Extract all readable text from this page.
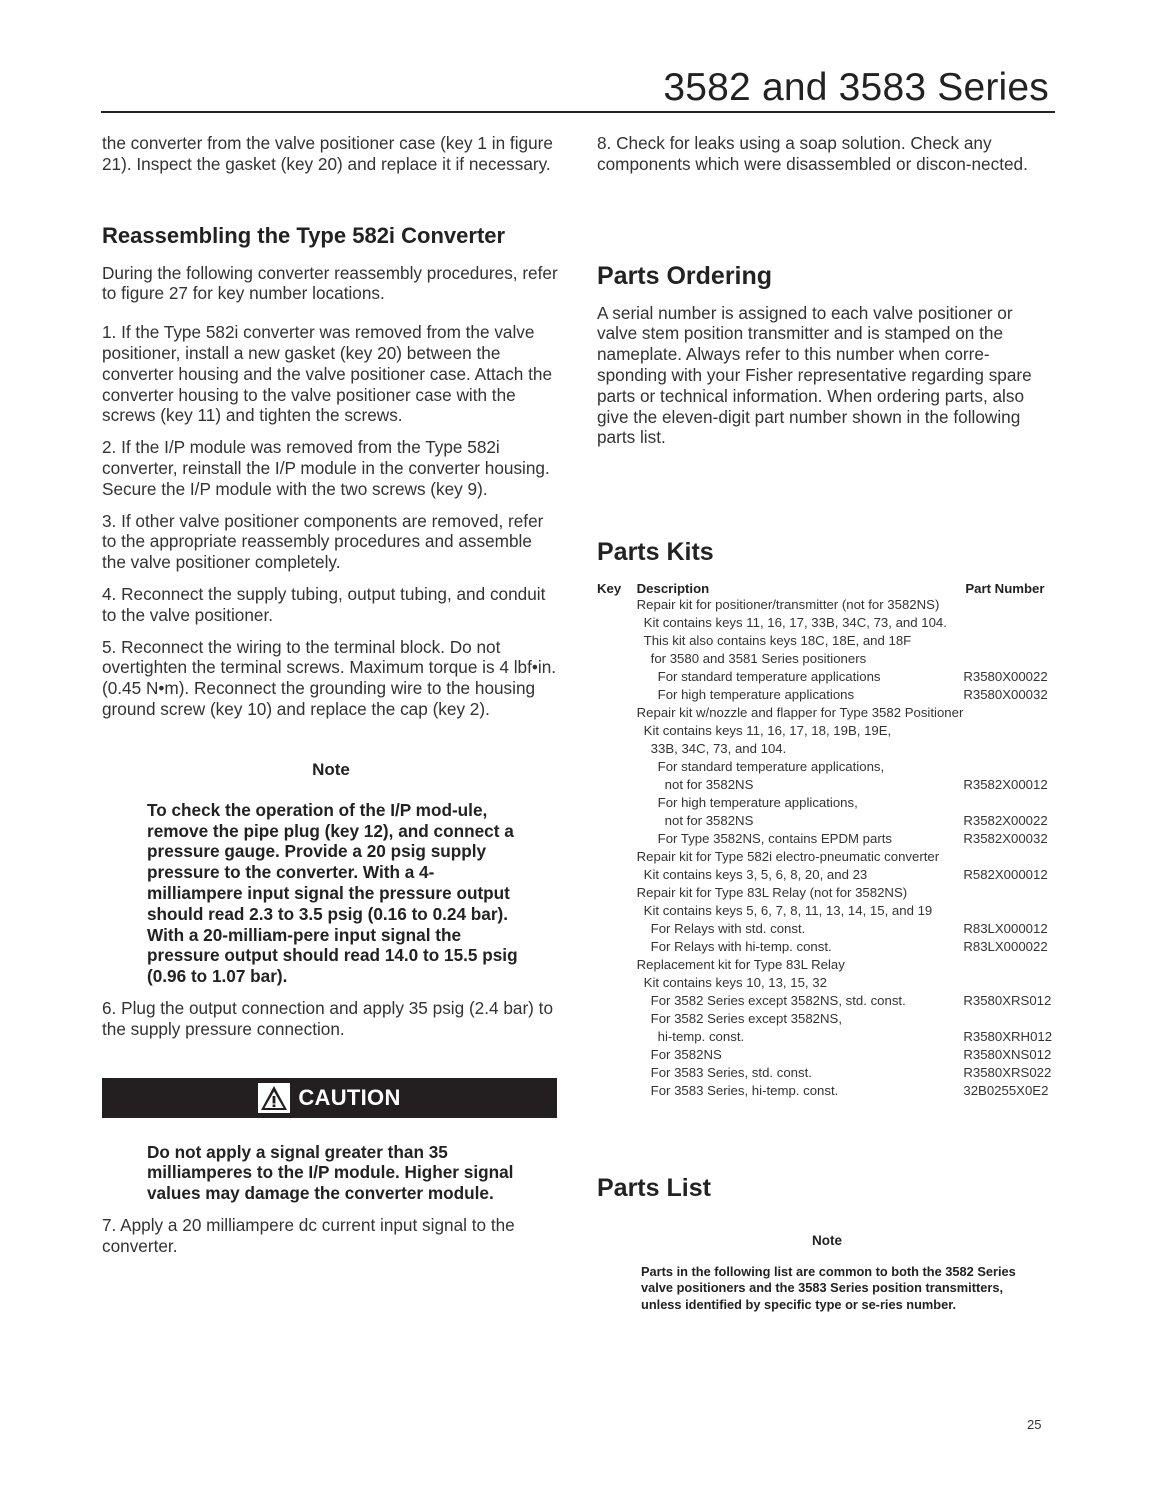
3582 and 3583 Series

the converter from the valve positioner case (key 1 in figure 21). Inspect the gasket (key 20) and replace it if necessary.

Reassembling the Type 582i Converter

During the following converter reassembly procedures, refer to figure 27 for key number locations.

1. If the Type 582i converter was removed from the valve positioner, install a new gasket (key 20) between the converter housing and the valve positioner case. Attach the converter housing to the valve positioner case with the screws (key 11) and tighten the screws.

2. If the I/P module was removed from the Type 582i converter, reinstall the I/P module in the converter housing. Secure the I/P module with the two screws (key 9).

3. If other valve positioner components are removed, refer to the appropriate reassembly procedures and assemble the valve positioner completely.

4. Reconnect the supply tubing, output tubing, and conduit to the valve positioner.

5. Reconnect the wiring to the terminal block. Do not overtighten the terminal screws. Maximum torque is 4 lbf•in. (0.45 N•m). Reconnect the grounding wire to the housing ground screw (key 10) and replace the cap (key 2).

Note
To check the operation of the I/P mod-ule, remove the pipe plug (key 12), and connect a pressure gauge. Provide a 20 psig supply pressure to the converter. With a 4-milliampere input signal the pressure output should read 2.3 to 3.5 psig (0.16 to 0.24 bar). With a 20-milliam-pere input signal the pressure output should read 14.0 to 15.5 psig (0.96 to 1.07 bar).

6. Plug the output connection and apply 35 psig (2.4 bar) to the supply pressure connection.

CAUTION
Do not apply a signal greater than 35 milliamperes to the I/P module. Higher signal values may damage the converter module.

7. Apply a 20 milliampere dc current input signal to the converter.

8. Check for leaks using a soap solution. Check any components which were disassembled or discon-nected.

Parts Ordering

A serial number is assigned to each valve positioner or valve stem position transmitter and is stamped on the nameplate. Always refer to this number when corre-sponding with your Fisher representative regarding spare parts or technical information. When ordering parts, also give the eleven-digit part number shown in the following parts list.

Parts Kits
Key	Description	Part Number
	Repair kit for positioner/transmitter (not for 3582NS)	
	Kit contains keys 11, 16, 17, 33B, 34C, 73, and 104.	
	This kit also contains keys 18C, 18E, and 18F	
	for 3580 and 3581 Series positioners	
	For standard temperature applications	R3580X00022
	For high temperature applications	R3580X00032
	Repair kit w/nozzle and flapper for Type 3582 Positioner	
	Kit contains keys 11, 16, 17, 18, 19B, 19E,	
	33B, 34C, 73, and 104.	
	For standard temperature applications,	
	not for 3582NS	R3582X00012
	For high temperature applications,	
	not for 3582NS	R3582X00022
	For Type 3582NS, contains EPDM parts	R3582X00032
	Repair kit for Type 582i electro-pneumatic converter	
	Kit contains keys 3, 5, 6, 8, 20, and 23	R582X000012
	Repair kit for Type 83L Relay (not for 3582NS)	
	Kit contains keys 5, 6, 7, 8, 11, 13, 14, 15, and 19	
	For Relays with std. const.	R83LX000012
	For Relays with hi-temp. const.	R83LX000022
	Replacement kit for Type 83L Relay	
	Kit contains keys 10, 13, 15, 32	
	For 3582 Series except 3582NS, std. const.	R3580XRS012
	For 3582 Series except 3582NS,	
	hi-temp. const.	R3580XRH012
	For 3582NS	R3580XNS012
	For 3583 Series, std. const.	R3580XRS022
	For 3583 Series, hi-temp. const.	32B0255X0E2
Parts List
Note
Parts in the following list are common to both the 3582 Series valve positioners and the 3583 Series position transmitters, unless identified by specific type or se-ries number.
25
